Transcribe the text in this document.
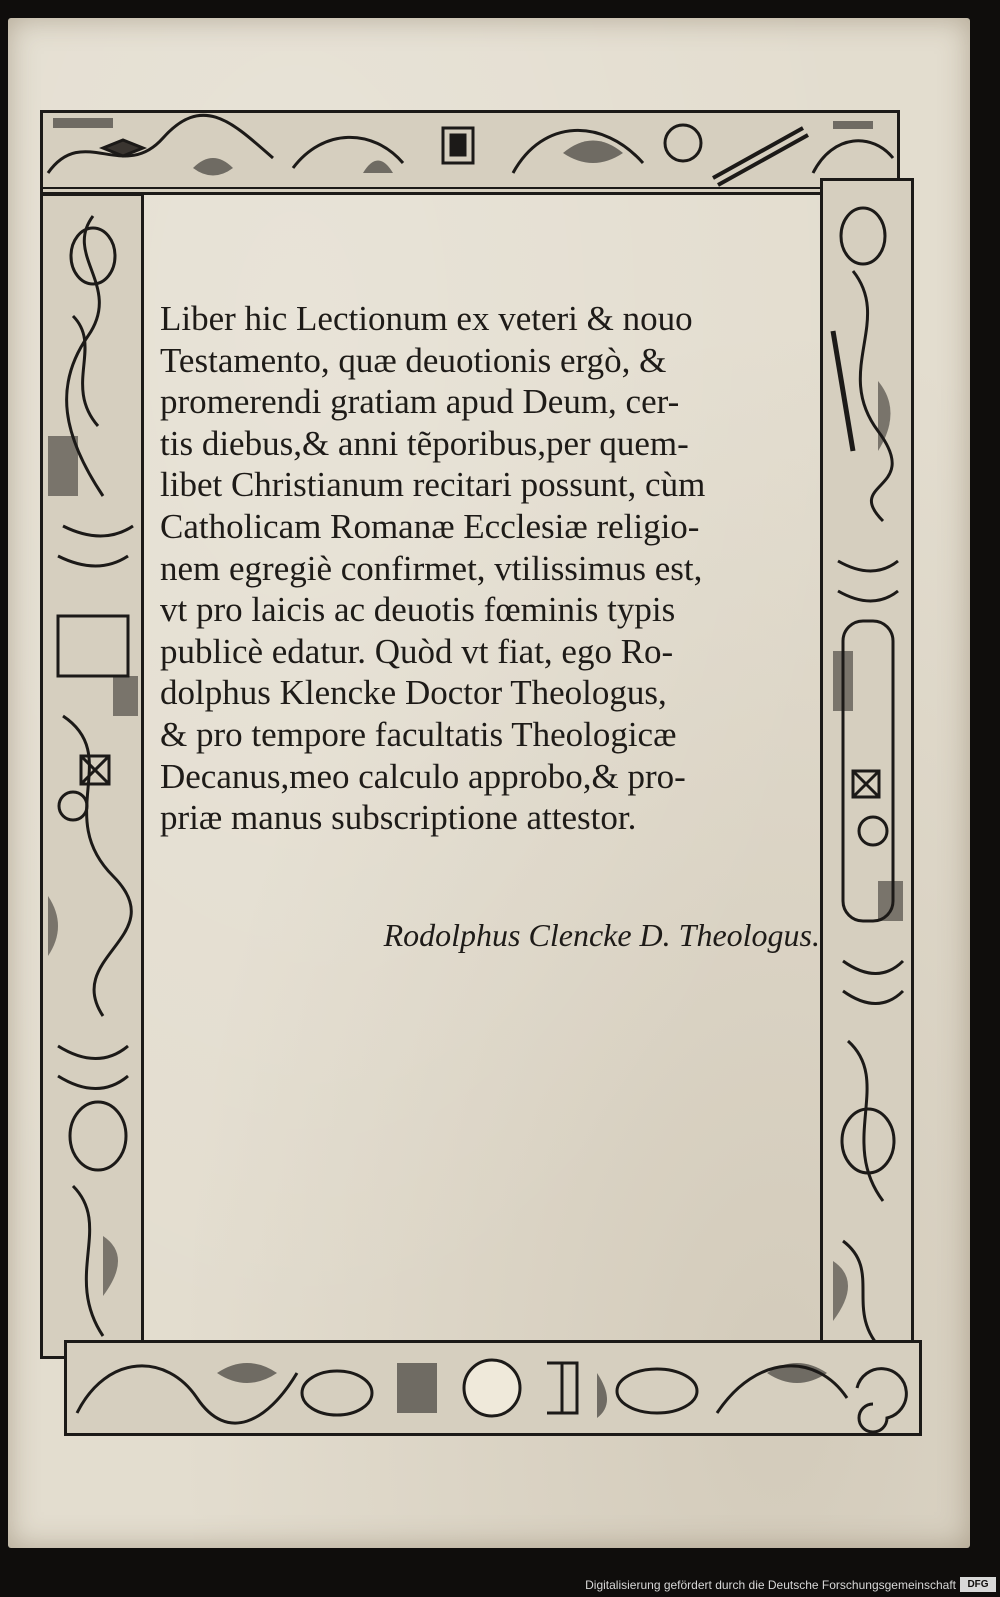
Liber hic Lectionum ex veteri & nouo
Testamento, quæ deuotionis ergò, &
promerendi gratiam apud Deum, cer-
tis diebus,& anni tẽporibus,per quem-
libet Christianum recitari possunt, cùm
Catholicam Romanæ Ecclesiæ religio-
nem egregiè confirmet, vtilissimus est,
vt pro laicis ac deuotis fœminis typis
publicè edatur. Quòd vt fiat, ego Ro-
dolphus Klencke Doctor Theologus,
& pro tempore facultatis Theologicæ
Decanus,meo calculo approbo,& pro-
priæ manus subscriptione attestor.
Rodolphus Clencke D. Theologus.
Digitalisierung gefördert durch die Deutsche Forschungsgemeinschaft	DFG
